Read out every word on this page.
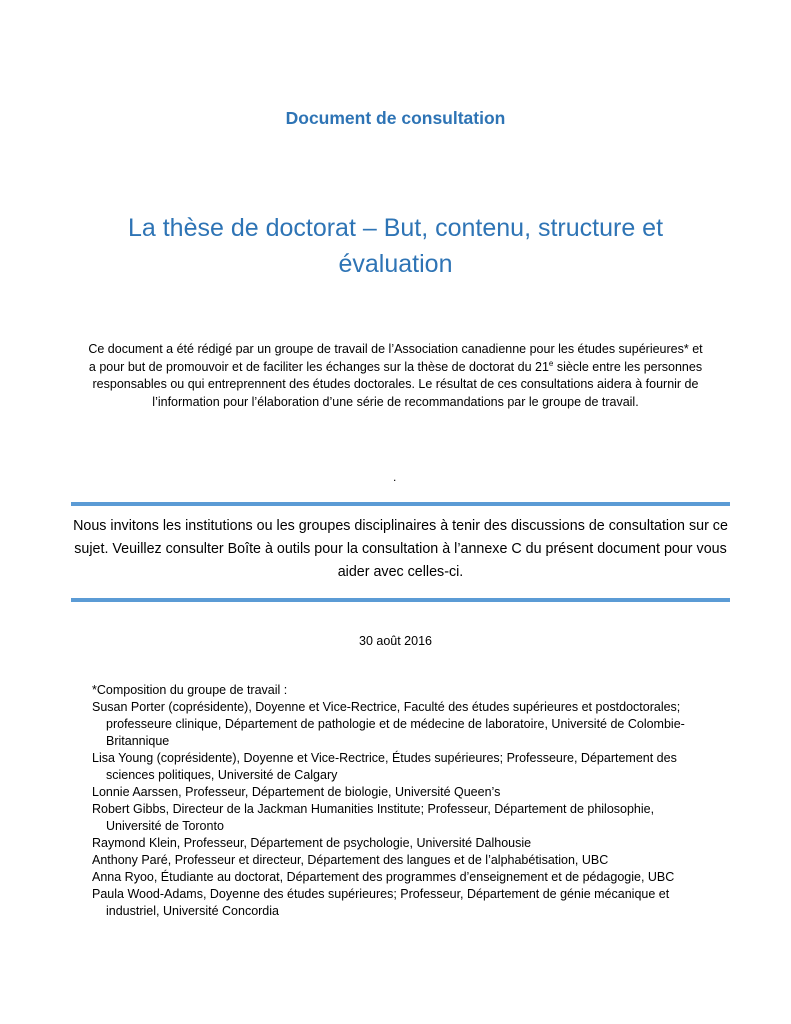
Document de consultation
La thèse de doctorat – But, contenu, structure et
évaluation

Ce document a été rédigé par un groupe de travail de l’Association canadienne pour les études supérieures* et a pour but de promouvoir et de faciliter les échanges sur la thèse de doctorat du 21e siècle entre les personnes responsables ou qui entreprennent des études doctorales. Le résultat de ces consultations aidera à fournir de l’information pour l’élaboration d’une série de recommandations par le groupe de travail.

.

Nous invitons les institutions ou les groupes disciplinaires à tenir des discussions de consultation sur ce sujet. Veuillez consulter Boîte à outils pour la consultation à l’annexe C du présent document pour vous aider avec celles-ci.

30 août 2016

*Composition du groupe de travail :

Susan Porter (coprésidente), Doyenne et Vice-Rectrice, Faculté des études supérieures et postdoctorales; professeure clinique, Département de pathologie et de médecine de laboratoire, Université de Colombie-Britannique

Lisa Young (coprésidente), Doyenne et Vice-Rectrice, Études supérieures; Professeure, Département des sciences politiques, Université de Calgary

Lonnie Aarssen, Professeur, Département de biologie, Université Queen’s

Robert Gibbs, Directeur de la Jackman Humanities Institute; Professeur, Département de philosophie, Université de Toronto

Raymond Klein, Professeur, Département de psychologie, Université Dalhousie

Anthony Paré, Professeur et directeur, Département des langues et de l’alphabétisation, UBC

Anna Ryoo, Étudiante au doctorat, Département des programmes d’enseignement et de pédagogie, UBC

Paula Wood-Adams, Doyenne des études supérieures; Professeur, Département de génie mécanique et industriel, Université Concordia
